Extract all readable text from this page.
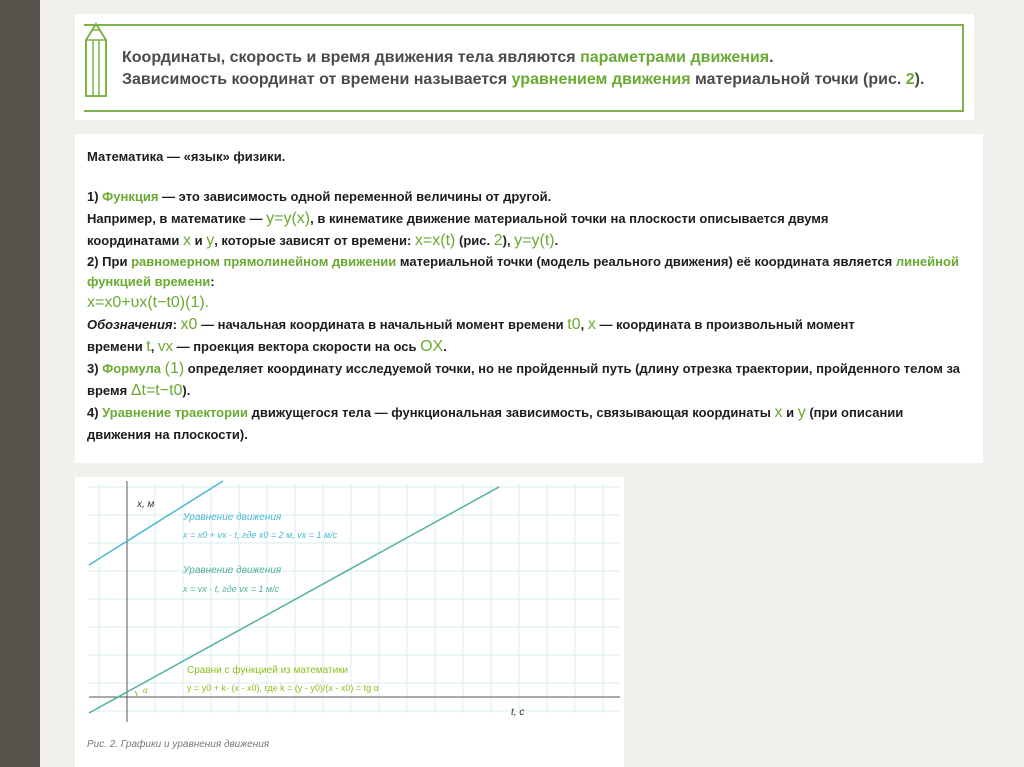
Координаты, скорость и время движения тела являются параметрами движения.
Зависимость координат от времени называется уравнением движения материальной точки (рис. 2).

Математика — «язык» физики.

1) Функция — это зависимость одной переменной величины от другой.

Например, в математике — y=y(x), в кинематике движение материальной точки на плоскости описывается двумя

координатами x и y, которые зависят от времени: x=x(t) (рис. 2), y=y(t).

2) При равномерном прямолинейном движении материальной точки (модель реального движения) её координата является линейной
функцией времени:

x=x0+υx(t−t0)(1).

Обозначения: x0 — начальная координата в начальный момент времени t0, x — координата в произвольный момент

времени t, vx — проекция вектора скорости на ось OX.

3) Формула (1) определяет координату исследуемой точки, но не пройденный путь (длину отрезка траектории, пройденного телом за

время Δt=t−t0).

4) Уравнение траектории движущегося тела — функциональная зависимость, связывающая координаты x и y (при описании

движения на плоскости).

α
x, м
t, c
Уравнение движения
x = x0 + vx · t, где x0 = 2 м, vx = 1 м/с
Уравнение движения
x = vx · t, где vx = 1 м/с
Сравни с функцией из математики
y = y0 + k· (x - x0), где k = (y - y0)/(x - x0) = tg α
Рис. 2. Графики и уравнения движения
